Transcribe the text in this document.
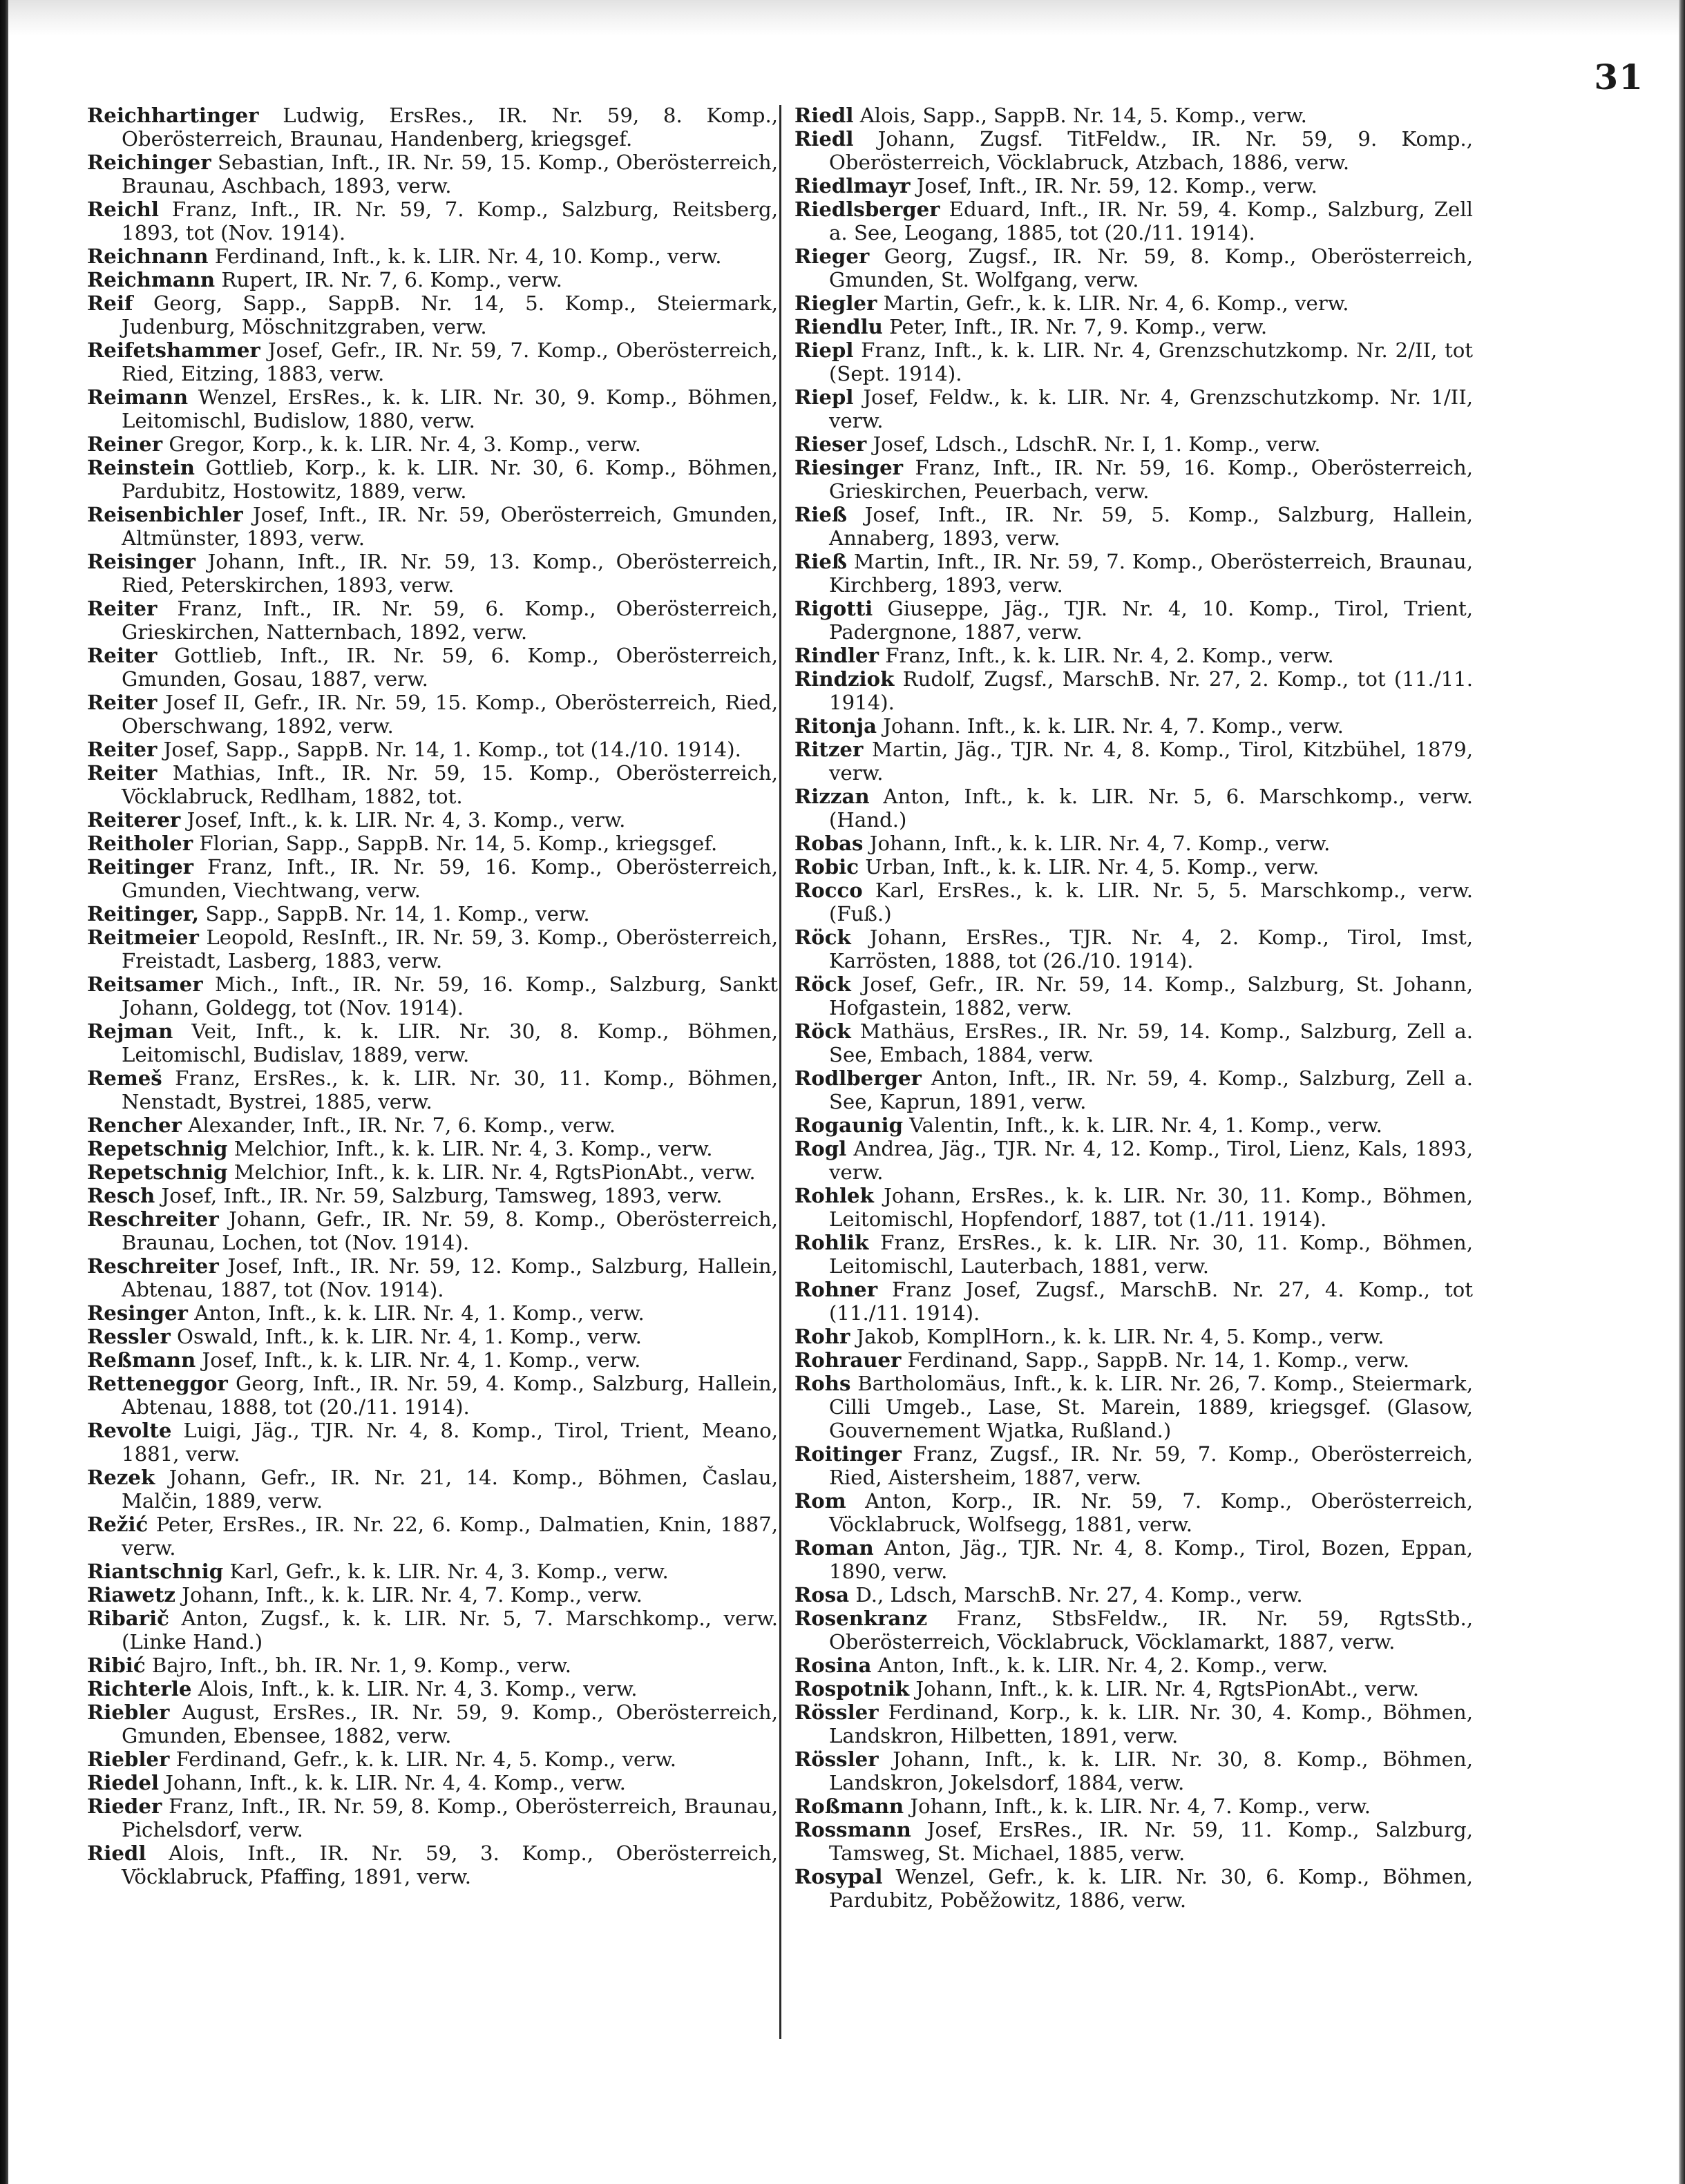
31

Reichhartinger Ludwig, ErsRes., IR. Nr. 59, 8. Komp., Oberösterreich, Braunau, Handenberg, kriegsgef.

Reichinger Sebastian, Inft., IR. Nr. 59, 15. Komp., Oberösterreich, Braunau, Aschbach, 1893, verw.

Reichl Franz, Inft., IR. Nr. 59, 7. Komp., Salzburg, Reitsberg, 1893, tot (Nov. 1914).

Reichnann Ferdinand, Inft., k. k. LIR. Nr. 4, 10. Komp., verw.

Reichmann Rupert, IR. Nr. 7, 6. Komp., verw.

Reif Georg, Sapp., SappB. Nr. 14, 5. Komp., Steiermark, Judenburg, Möschnitzgraben, verw.

Reifetshammer Josef, Gefr., IR. Nr. 59, 7. Komp., Oberösterreich, Ried, Eitzing, 1883, verw.

Reimann Wenzel, ErsRes., k. k. LIR. Nr. 30, 9. Komp., Böhmen, Leitomischl, Budislow, 1880, verw.

Reiner Gregor, Korp., k. k. LIR. Nr. 4, 3. Komp., verw.

Reinstein Gottlieb, Korp., k. k. LIR. Nr. 30, 6. Komp., Böhmen, Pardubitz, Hostowitz, 1889, verw.

Reisenbichler Josef, Inft., IR. Nr. 59, Oberösterreich, Gmunden, Altmünster, 1893, verw.

Reisinger Johann, Inft., IR. Nr. 59, 13. Komp., Oberösterreich, Ried, Peterskirchen, 1893, verw.

Reiter Franz, Inft., IR. Nr. 59, 6. Komp., Oberösterreich, Grieskirchen, Natternbach, 1892, verw.

Reiter Gottlieb, Inft., IR. Nr. 59, 6. Komp., Oberösterreich, Gmunden, Gosau, 1887, verw.

Reiter Josef II, Gefr., IR. Nr. 59, 15. Komp., Oberösterreich, Ried, Oberschwang, 1892, verw.

Reiter Josef, Sapp., SappB. Nr. 14, 1. Komp., tot (14./10. 1914).

Reiter Mathias, Inft., IR. Nr. 59, 15. Komp., Oberösterreich, Vöcklabruck, Redlham, 1882, tot.

Reiterer Josef, Inft., k. k. LIR. Nr. 4, 3. Komp., verw.

Reitholer Florian, Sapp., SappB. Nr. 14, 5. Komp., kriegsgef.

Reitinger Franz, Inft., IR. Nr. 59, 16. Komp., Oberösterreich, Gmunden, Viechtwang, verw.

Reitinger, Sapp., SappB. Nr. 14, 1. Komp., verw.

Reitmeier Leopold, ResInft., IR. Nr. 59, 3. Komp., Oberösterreich, Freistadt, Lasberg, 1883, verw.

Reitsamer Mich., Inft., IR. Nr. 59, 16. Komp., Salzburg, Sankt Johann, Goldegg, tot (Nov. 1914).

Rejman Veit, Inft., k. k. LIR. Nr. 30, 8. Komp., Böhmen, Leitomischl, Budislav, 1889, verw.

Remeš Franz, ErsRes., k. k. LIR. Nr. 30, 11. Komp., Böhmen, Nenstadt, Bystrei, 1885, verw.

Rencher Alexander, Inft., IR. Nr. 7, 6. Komp., verw.

Repetschnig Melchior, Inft., k. k. LIR. Nr. 4, 3. Komp., verw.

Repetschnig Melchior, Inft., k. k. LIR. Nr. 4, RgtsPionAbt., verw.

Resch Josef, Inft., IR. Nr. 59, Salzburg, Tamsweg, 1893, verw.

Reschreiter Johann, Gefr., IR. Nr. 59, 8. Komp., Oberösterreich, Braunau, Lochen, tot (Nov. 1914).

Reschreiter Josef, Inft., IR. Nr. 59, 12. Komp., Salzburg, Hallein, Abtenau, 1887, tot (Nov. 1914).

Resinger Anton, Inft., k. k. LIR. Nr. 4, 1. Komp., verw.

Ressler Oswald, Inft., k. k. LIR. Nr. 4, 1. Komp., verw.

Reßmann Josef, Inft., k. k. LIR. Nr. 4, 1. Komp., verw.

Retteneggor Georg, Inft., IR. Nr. 59, 4. Komp., Salzburg, Hallein, Abtenau, 1888, tot (20./11. 1914).

Revolte Luigi, Jäg., TJR. Nr. 4, 8. Komp., Tirol, Trient, Meano, 1881, verw.

Rezek Johann, Gefr., IR. Nr. 21, 14. Komp., Böhmen, Časlau, Malčin, 1889, verw.

Režić Peter, ErsRes., IR. Nr. 22, 6. Komp., Dalmatien, Knin, 1887, verw.

Riantschnig Karl, Gefr., k. k. LIR. Nr. 4, 3. Komp., verw.

Riawetz Johann, Inft., k. k. LIR. Nr. 4, 7. Komp., verw.

Ribarič Anton, Zugsf., k. k. LIR. Nr. 5, 7. Marschkomp., verw. (Linke Hand.)

Ribić Bajro, Inft., bh. IR. Nr. 1, 9. Komp., verw.

Richterle Alois, Inft., k. k. LIR. Nr. 4, 3. Komp., verw.

Riebler August, ErsRes., IR. Nr. 59, 9. Komp., Oberösterreich, Gmunden, Ebensee, 1882, verw.

Riebler Ferdinand, Gefr., k. k. LIR. Nr. 4, 5. Komp., verw.

Riedel Johann, Inft., k. k. LIR. Nr. 4, 4. Komp., verw.

Rieder Franz, Inft., IR. Nr. 59, 8. Komp., Oberösterreich, Braunau, Pichelsdorf, verw.

Riedl Alois, Inft., IR. Nr. 59, 3. Komp., Oberösterreich, Vöcklabruck, Pfaffing, 1891, verw.

Riedl Alois, Sapp., SappB. Nr. 14, 5. Komp., verw.

Riedl Johann, Zugsf. TitFeldw., IR. Nr. 59, 9. Komp., Oberösterreich, Vöcklabruck, Atzbach, 1886, verw.

Riedlmayr Josef, Inft., IR. Nr. 59, 12. Komp., verw.

Riedlsberger Eduard, Inft., IR. Nr. 59, 4. Komp., Salzburg, Zell a. See, Leogang, 1885, tot (20./11. 1914).

Rieger Georg, Zugsf., IR. Nr. 59, 8. Komp., Oberösterreich, Gmunden, St. Wolfgang, verw.

Riegler Martin, Gefr., k. k. LIR. Nr. 4, 6. Komp., verw.

Riendlu Peter, Inft., IR. Nr. 7, 9. Komp., verw.

Riepl Franz, Inft., k. k. LIR. Nr. 4, Grenzschutzkomp. Nr. 2/II, tot (Sept. 1914).

Riepl Josef, Feldw., k. k. LIR. Nr. 4, Grenzschutzkomp. Nr. 1/II, verw.

Rieser Josef, Ldsch., LdschR. Nr. I, 1. Komp., verw.

Riesinger Franz, Inft., IR. Nr. 59, 16. Komp., Oberösterreich, Grieskirchen, Peuerbach, verw.

Rieß Josef, Inft., IR. Nr. 59, 5. Komp., Salzburg, Hallein, Annaberg, 1893, verw.

Rieß Martin, Inft., IR. Nr. 59, 7. Komp., Oberösterreich, Braunau, Kirchberg, 1893, verw.

Rigotti Giuseppe, Jäg., TJR. Nr. 4, 10. Komp., Tirol, Trient, Padergnone, 1887, verw.

Rindler Franz, Inft., k. k. LIR. Nr. 4, 2. Komp., verw.

Rindziok Rudolf, Zugsf., MarschB. Nr. 27, 2. Komp., tot (11./11. 1914).

Ritonja Johann. Inft., k. k. LIR. Nr. 4, 7. Komp., verw.

Ritzer Martin, Jäg., TJR. Nr. 4, 8. Komp., Tirol, Kitzbühel, 1879, verw.

Rizzan Anton, Inft., k. k. LIR. Nr. 5, 6. Marschkomp., verw. (Hand.)

Robas Johann, Inft., k. k. LIR. Nr. 4, 7. Komp., verw.

Robic Urban, Inft., k. k. LIR. Nr. 4, 5. Komp., verw.

Rocco Karl, ErsRes., k. k. LIR. Nr. 5, 5. Marschkomp., verw. (Fuß.)

Röck Johann, ErsRes., TJR. Nr. 4, 2. Komp., Tirol, Imst, Karrösten, 1888, tot (26./10. 1914).

Röck Josef, Gefr., IR. Nr. 59, 14. Komp., Salzburg, St. Johann, Hofgastein, 1882, verw.

Röck Mathäus, ErsRes., IR. Nr. 59, 14. Komp., Salzburg, Zell a. See, Embach, 1884, verw.

Rodlberger Anton, Inft., IR. Nr. 59, 4. Komp., Salzburg, Zell a. See, Kaprun, 1891, verw.

Rogaunig Valentin, Inft., k. k. LIR. Nr. 4, 1. Komp., verw.

Rogl Andrea, Jäg., TJR. Nr. 4, 12. Komp., Tirol, Lienz, Kals, 1893, verw.

Rohlek Johann, ErsRes., k. k. LIR. Nr. 30, 11. Komp., Böhmen, Leitomischl, Hopfendorf, 1887, tot (1./11. 1914).

Rohlik Franz, ErsRes., k. k. LIR. Nr. 30, 11. Komp., Böhmen, Leitomischl, Lauterbach, 1881, verw.

Rohner Franz Josef, Zugsf., MarschB. Nr. 27, 4. Komp., tot (11./11. 1914).

Rohr Jakob, KomplHorn., k. k. LIR. Nr. 4, 5. Komp., verw.

Rohrauer Ferdinand, Sapp., SappB. Nr. 14, 1. Komp., verw.

Rohs Bartholomäus, Inft., k. k. LIR. Nr. 26, 7. Komp., Steiermark, Cilli Umgeb., Lase, St. Marein, 1889, kriegsgef. (Glasow, Gouvernement Wjatka, Rußland.)

Roitinger Franz, Zugsf., IR. Nr. 59, 7. Komp., Oberösterreich, Ried, Aistersheim, 1887, verw.

Rom Anton, Korp., IR. Nr. 59, 7. Komp., Oberösterreich, Vöcklabruck, Wolfsegg, 1881, verw.

Roman Anton, Jäg., TJR. Nr. 4, 8. Komp., Tirol, Bozen, Eppan, 1890, verw.

Rosa D., Ldsch, MarschB. Nr. 27, 4. Komp., verw.

Rosenkranz Franz, StbsFeldw., IR. Nr. 59, RgtsStb., Oberösterreich, Vöcklabruck, Vöcklamarkt, 1887, verw.

Rosina Anton, Inft., k. k. LIR. Nr. 4, 2. Komp., verw.

Rospotnik Johann, Inft., k. k. LIR. Nr. 4, RgtsPionAbt., verw.

Rössler Ferdinand, Korp., k. k. LIR. Nr. 30, 4. Komp., Böhmen, Landskron, Hilbetten, 1891, verw.

Rössler Johann, Inft., k. k. LIR. Nr. 30, 8. Komp., Böhmen, Landskron, Jokelsdorf, 1884, verw.

Roßmann Johann, Inft., k. k. LIR. Nr. 4, 7. Komp., verw.

Rossmann Josef, ErsRes., IR. Nr. 59, 11. Komp., Salzburg, Tamsweg, St. Michael, 1885, verw.

Rosypal Wenzel, Gefr., k. k. LIR. Nr. 30, 6. Komp., Böhmen, Pardubitz, Poběžowitz, 1886, verw.
